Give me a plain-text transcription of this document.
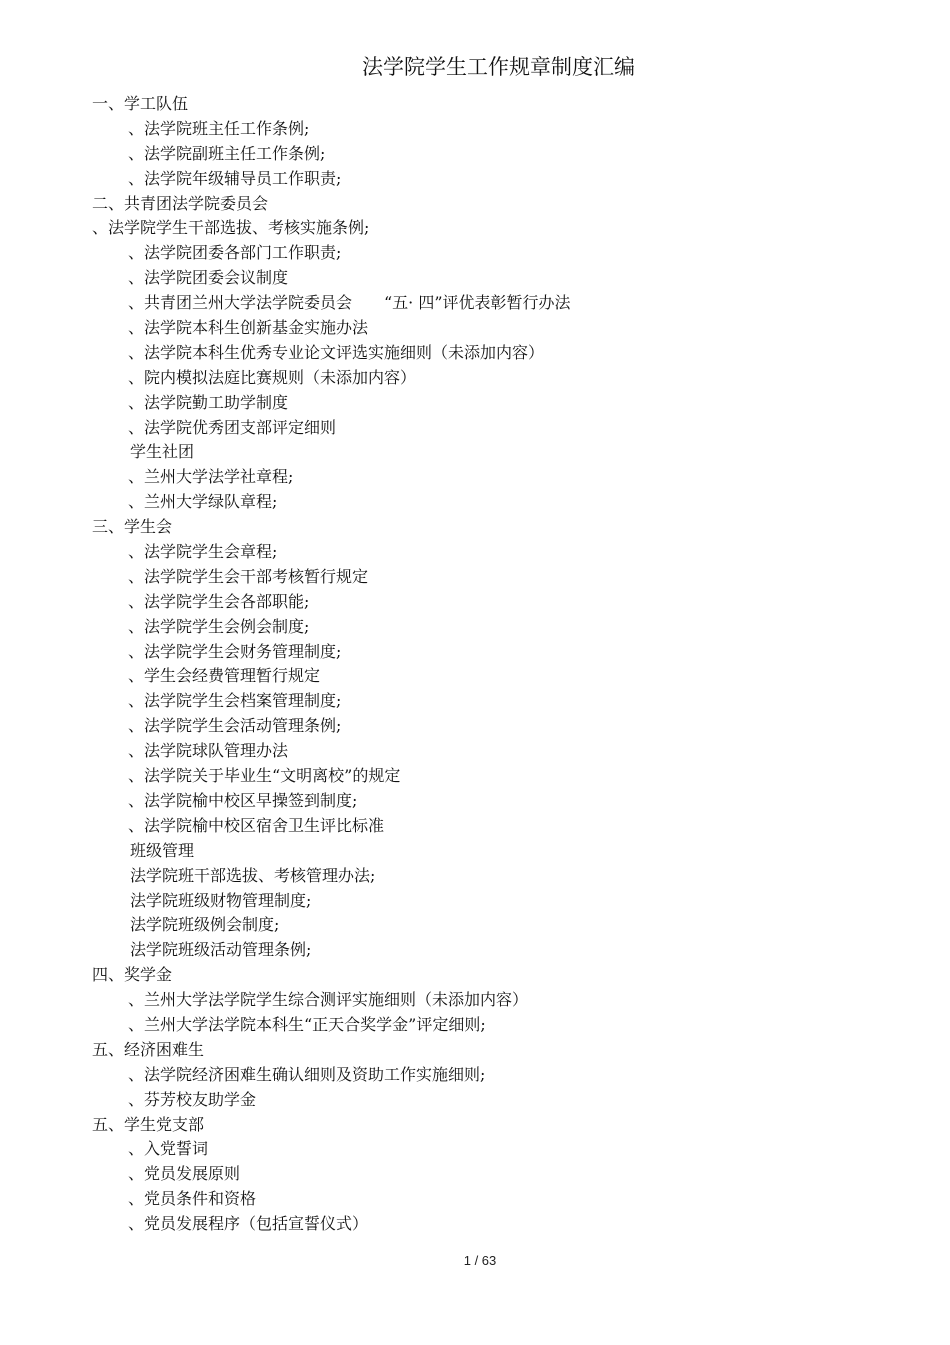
法学院学生工作规章制度汇编
一、学工队伍
、法学院班主任工作条例;
、法学院副班主任工作条例;
、法学院年级辅导员工作职责;
二、共青团法学院委员会
、法学院学生干部选拔、考核实施条例;
、法学院团委各部门工作职责;
、法学院团委会议制度
、共青团兰州大学法学院委员会　　“五· 四”评优表彰暂行办法
、法学院本科生创新基金实施办法
、法学院本科生优秀专业论文评选实施细则（未添加内容）
、院内模拟法庭比赛规则（未添加内容）
、法学院勤工助学制度
、法学院优秀团支部评定细则
学生社团
、兰州大学法学社章程;
、兰州大学绿队章程;
三、学生会
、法学院学生会章程;
、法学院学生会干部考核暂行规定
、法学院学生会各部职能;
、法学院学生会例会制度;
、法学院学生会财务管理制度;
、学生会经费管理暂行规定
、法学院学生会档案管理制度;
、法学院学生会活动管理条例;
、法学院球队管理办法
、法学院关于毕业生“文明离校”的规定
、法学院榆中校区早操签到制度;
、法学院榆中校区宿舍卫生评比标准
班级管理
法学院班干部选拔、考核管理办法;
法学院班级财物管理制度;
法学院班级例会制度;
法学院班级活动管理条例;
四、奖学金
、兰州大学法学院学生综合测评实施细则（未添加内容）
、兰州大学法学院本科生“正天合奖学金”评定细则;
五、经济困难生
、法学院经济困难生确认细则及资助工作实施细则;
、芬芳校友助学金
五、学生党支部
、入党誓词
、党员发展原则
、党员条件和资格
、党员发展程序（包括宣誓仪式）
1 / 63
